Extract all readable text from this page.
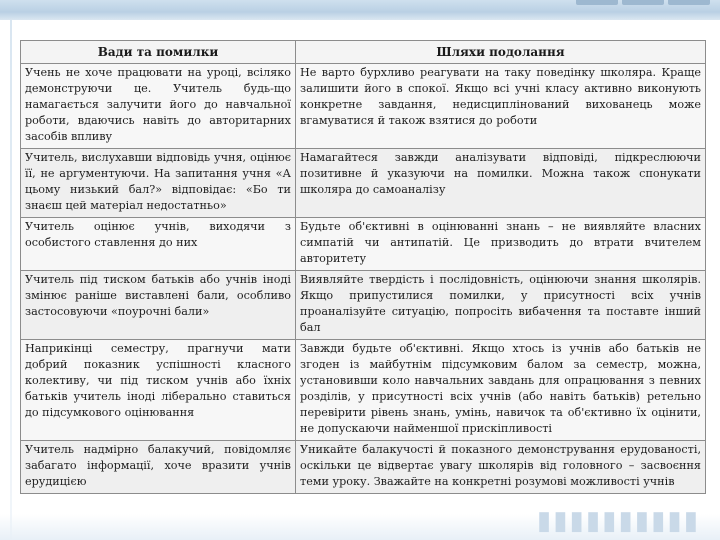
▮▮▮▮▮▮▮▮▮▮
Вади та помилки	Шляхи подолання
Учень не хоче працювати на уроці, всіляко демонструючи це. Учитель будь-що намагається залучити його до навчальної роботи, вдаючись навіть до авторитарних засобів впливу	Не варто бурхливо реагувати на таку поведінку школяра. Краще залишити його в спокої. Якщо всі учні класу активно виконують конкретне завдання, недисциплінований вихованець може вгамуватися й також взятися до роботи
Учитель, вислухавши відповідь учня, оцінює її, не аргументуючи. На запитання учня «А цьому низький бал?» відповідає: «Бо ти знаєш цей матеріал недостатньо»	Намагайтеся завжди аналізувати відповіді, підкреслюючи позитивне й указуючи на помилки. Можна також спонукати школяра до самоаналізу
Учитель оцінює учнів, виходячи з особистого ставлення до них	Будьте об'єктивні в оцінюванні знань – не виявляйте власних симпатій чи антипатій. Це призводить до втрати вчителем авторитету
Учитель під тиском батьків або учнів іноді змінює раніше виставлені бали, особливо застосовуючи «поурочні бали»	Виявляйте твердість і послідовність, оцінюючи знання школярів. Якщо припустилися помилки, у присутності всіх учнів проаналізуйте ситуацію, попросіть вибачення та поставте інший бал
Наприкінці семестру, прагнучи мати добрий показник успішності класного колективу, чи під тиском учнів або їхніх батьків учитель іноді ліберально ставиться до підсумкового оцінювання	Завжди будьте об'єктивні. Якщо хтось із учнів або батьків не згоден із майбутнім підсумковим балом за семестр, можна, установивши коло навчальних завдань для опрацювання з певних розділів, у присутності всіх учнів (або навіть батьків) ретельно перевірити рівень знань, умінь, навичок та об'єктивно їх оцінити, не допускаючи найменшої прискіпливості
Учитель надмірно балакучий, повідомляє забагато інформації, хоче вразити учнів ерудицією	Уникайте балакучості й показного демонстрування ерудованості, оскільки це відвертає увагу школярів від головного – засвоєння теми уроку. Зважайте на конкретні розумові можливості учнів
